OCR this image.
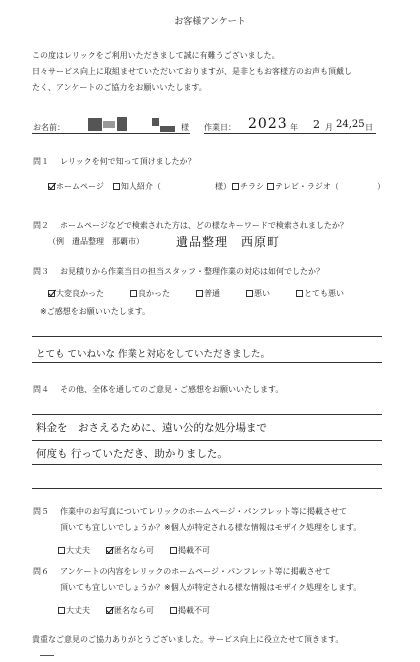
お客様アンケート
この度はレリックをご利用いただきまして誠に有難うございました。
日々サービス向上に取組ませていただいておりますが、是非ともお客様方のお声も頂戴し
たく、アンケートのご協力をお願いいたします。
お名前：	様 作業日： 2023 年 2 月 24,25 日
問１ レリックを何で知って頂けましたか？
ホームページ 知人紹介（	様）	チラシ テレビ・ラジオ（	）
問２ ホームページなどで検索された方は、どの様なキーワードで検索されましたか？
（例　遺品整理　那覇市）	遺品整理　西原町
問３ お見積りから作業当日の担当スタッフ・整理作業の対応は如何でしたか？
大変良かった	良かった	普通	悪い	とても悪い
※ご感想をお願いいたします。
とても ていねいな 作業と対応をしていただきました。
問４ その他、全体を通してのご意見・ご感想をお願いいたします。
料金を　おさえるために、遠い公的な処分場まで
何度も 行っていただき、助かりました。
問５ 作業中のお写真についてレリックのホームページ・パンフレット等に掲載させて
頂いても宜しいでしょうか？※個人が特定される様な情報はモザイク処理をします。
大丈夫	匿名なら可	掲載不可
問６ アンケートの内容をレリックのホームページ・パンフレット等に掲載させて
頂いても宜しいでしょうか？※個人が特定される様な情報はモザイク処理をします。
大丈夫	匿名なら可	掲載不可
貴重なご意見のご協力ありがとうございました。サービス向上に役立たせて頂きます。
